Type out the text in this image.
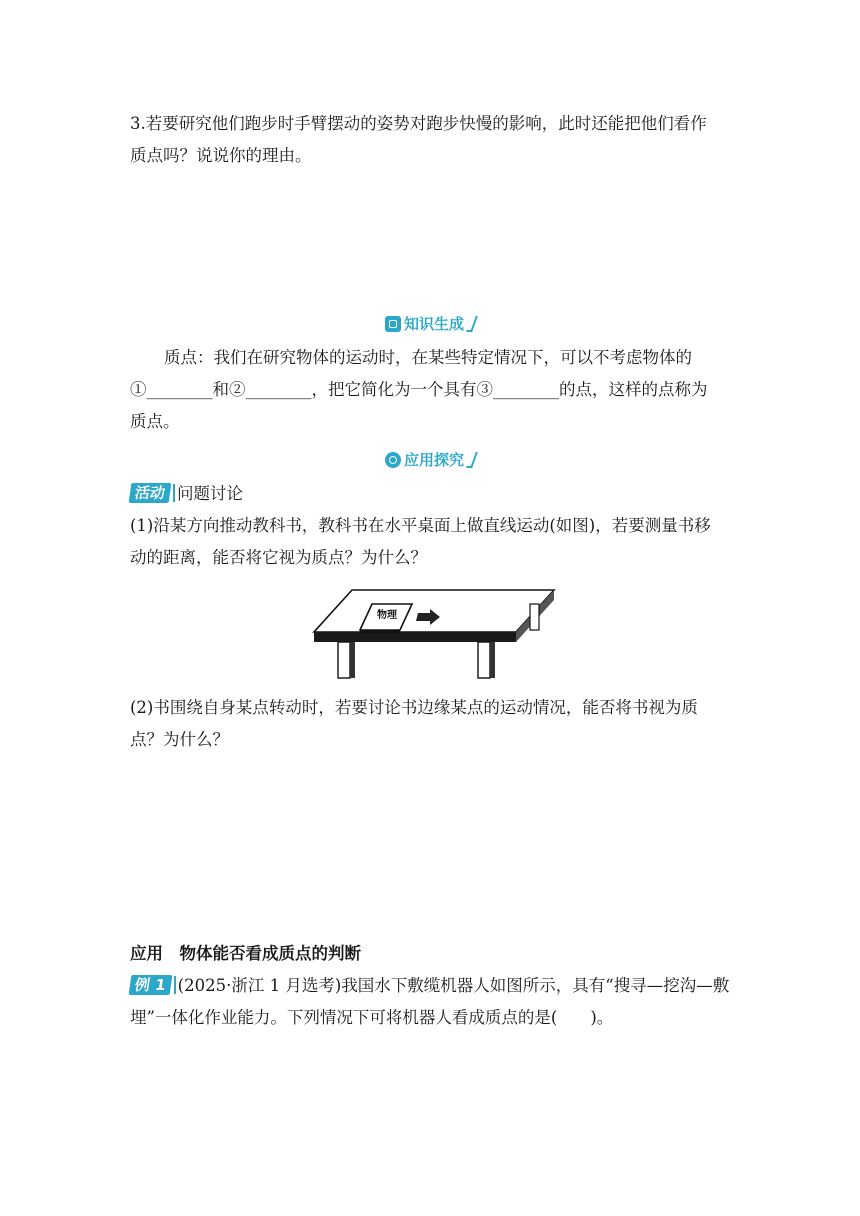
3.若要研究他们跑步时手臂摆动的姿势对跑步快慢的影响，此时还能把他们看作
质点吗？说说你的理由。
知识生成
质点：我们在研究物体的运动时，在某些特定情况下，可以不考虑物体的
①________和②________，把它简化为一个具有③________的点，这样的点称为
质点。
应用探究
活动 问题讨论
(1)沿某方向推动教科书，教科书在水平桌面上做直线运动(如图)，若要测量书移
动的距离，能否将它视为质点？为什么？
物理
(2)书围绕自身某点转动时，若要讨论书边缘某点的运动情况，能否将书视为质
点？为什么？
应用　物体能否看成质点的判断
例 1 (2025·浙江 1 月选考)我国水下敷缆机器人如图所示，具有“搜寻—挖沟—敷
埋”一体化作业能力。下列情况下可将机器人看成质点的是(　　)。
